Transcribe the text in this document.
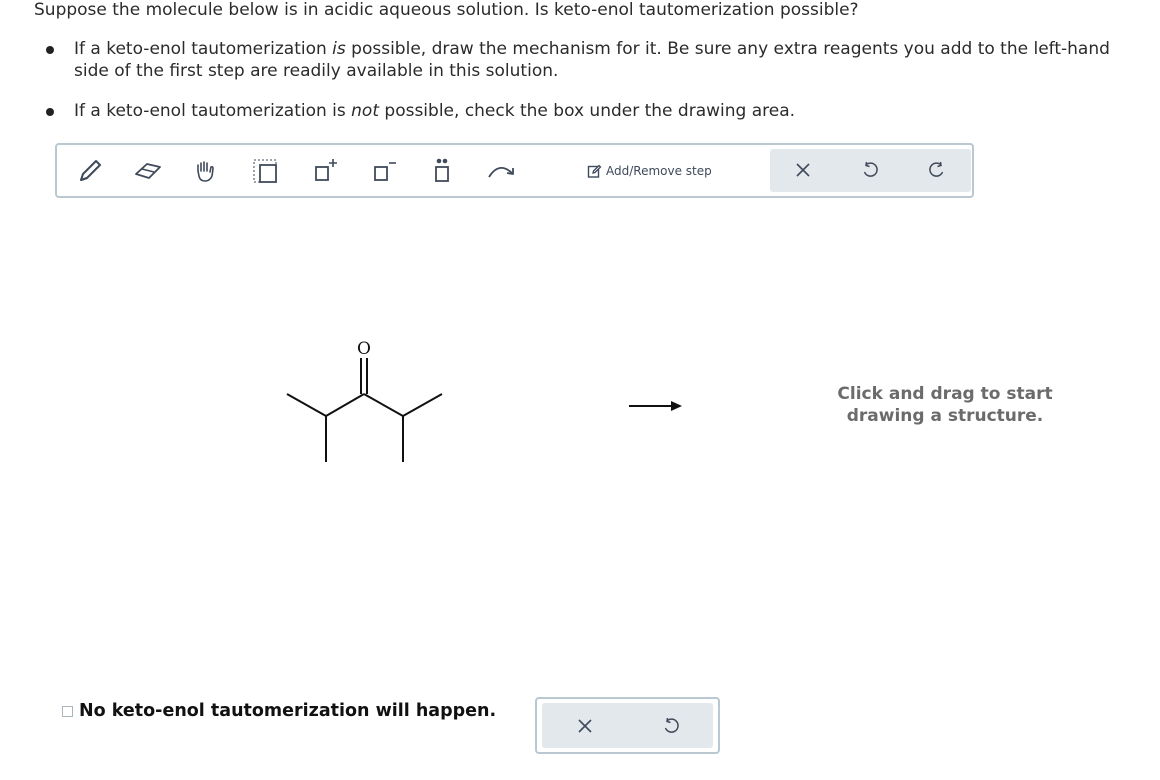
Suppose the molecule below is in acidic aqueous solution. Is keto-enol tautomerization possible?
If a keto-enol tautomerization is possible, draw the mechanism for it. Be sure any extra reagents you add to the left-hand side of the first step are readily available in this solution.
If a keto-enol tautomerization is not possible, check the box under the drawing area.
Add/Remove step
O
Click and drag to start
drawing a structure.
No keto-enol tautomerization will happen.
